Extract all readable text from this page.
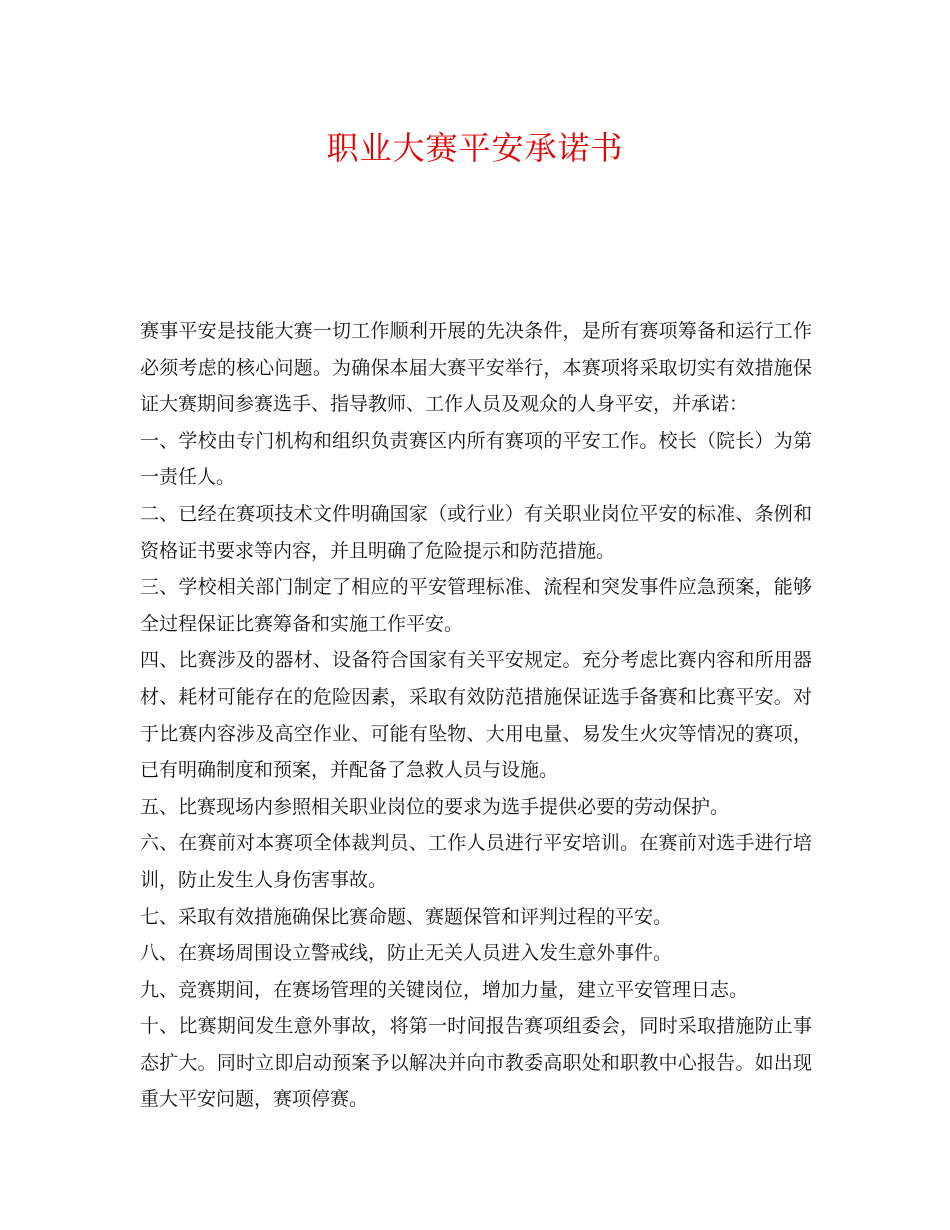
职业大赛平安承诺书

赛事平安是技能大赛一切工作顺利开展的先决条件，是所有赛项筹备和运行工作必须考虑的核心问题。为确保本届大赛平安举行，本赛项将采取切实有效措施保证大赛期间参赛选手、指导教师、工作人员及观众的人身平安，并承诺：

一、学校由专门机构和组织负责赛区内所有赛项的平安工作。校长（院长）为第一责任人。

二、已经在赛项技术文件明确国家（或行业）有关职业岗位平安的标准、条例和资格证书要求等内容，并且明确了危险提示和防范措施。

三、学校相关部门制定了相应的平安管理标准、流程和突发事件应急预案，能够全过程保证比赛筹备和实施工作平安。

四、比赛涉及的器材、设备符合国家有关平安规定。充分考虑比赛内容和所用器材、耗材可能存在的危险因素，采取有效防范措施保证选手备赛和比赛平安。对于比赛内容涉及高空作业、可能有坠物、大用电量、易发生火灾等情况的赛项，已有明确制度和预案，并配备了急救人员与设施。

五、比赛现场内参照相关职业岗位的要求为选手提供必要的劳动保护。

六、在赛前对本赛项全体裁判员、工作人员进行平安培训。在赛前对选手进行培训，防止发生人身伤害事故。

七、采取有效措施确保比赛命题、赛题保管和评判过程的平安。

八、在赛场周围设立警戒线，防止无关人员进入发生意外事件。

九、竞赛期间，在赛场管理的关键岗位，增加力量，建立平安管理日志。

十、比赛期间发生意外事故，将第一时间报告赛项组委会，同时采取措施防止事态扩大。同时立即启动预案予以解决并向市教委高职处和职教中心报告。如出现重大平安问题，赛项停赛。
